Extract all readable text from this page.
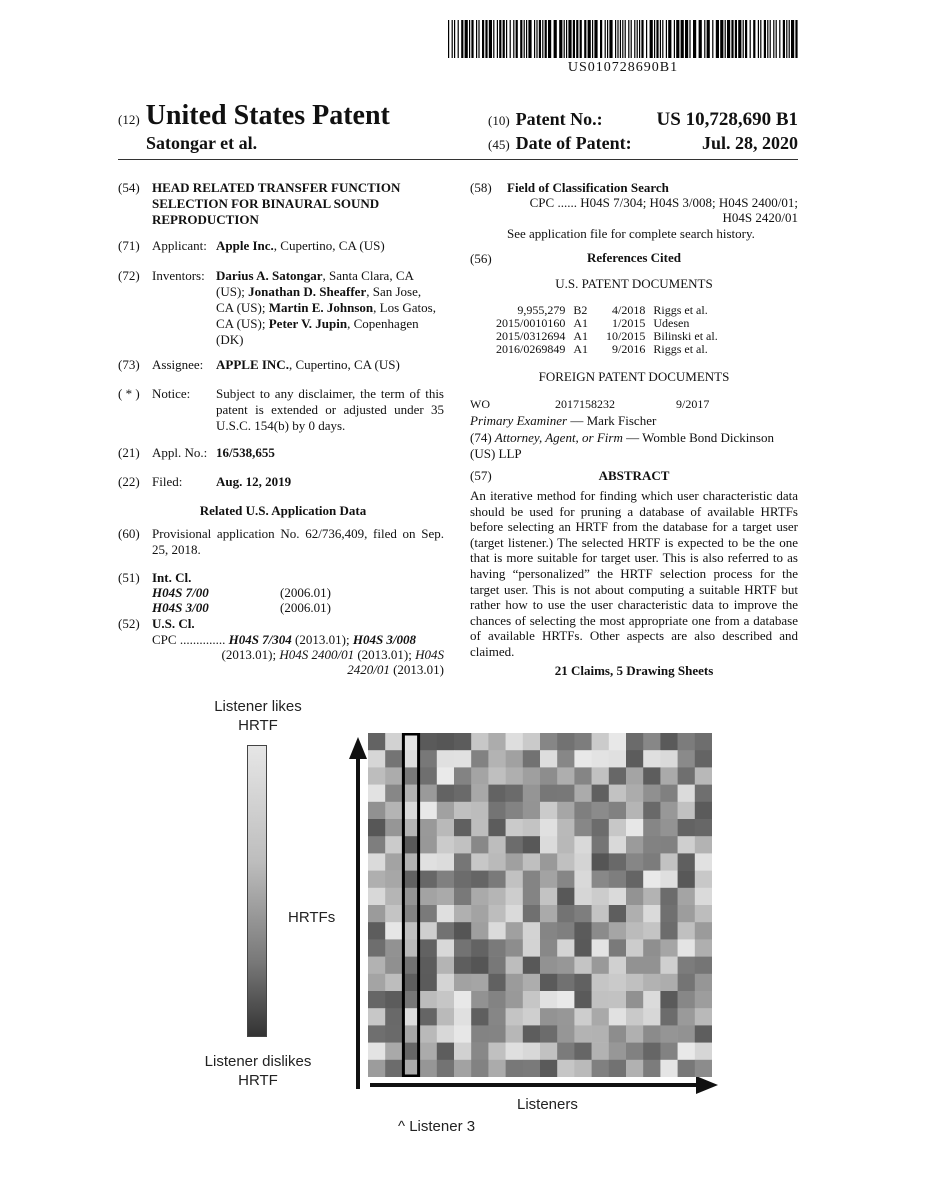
US010728690B1
(12) United States Patent
Satongar et al.
(10) Patent No.:	US 10,728,690 B1
(45) Date of Patent:	Jul. 28, 2020
(54) HEAD RELATED TRANSFER FUNCTION SELECTION FOR BINAURAL SOUND REPRODUCTION
(71) Applicant: Apple Inc., Cupertino, CA (US)
(72) Inventors: Darius A. Satongar, Santa Clara, CA (US); Jonathan D. Sheaffer, San Jose, CA (US); Martin E. Johnson, Los Gatos, CA (US); Peter V. Jupin, Copenhagen (DK)
(73) Assignee: APPLE INC., Cupertino, CA (US)
( * ) Notice: Subject to any disclaimer, the term of this patent is extended or adjusted under 35 U.S.C. 154(b) by 0 days.
(21) Appl. No.: 16/538,655
(22) Filed:	Aug. 12, 2019
Related U.S. Application Data
(60) Provisional application No. 62/736,409, filed on Sep. 25, 2018.
(51) Int. Cl.
H04S 7/00	(2006.01)
H04S 3/00	(2006.01)
(52) U.S. Cl.
CPC .............. H04S 7/304 (2013.01); H04S 3/008
(2013.01); H04S 2400/01 (2013.01); H04S
2420/01 (2013.01)
(58) Field of Classification Search
CPC ...... H04S 7/304; H04S 3/008; H04S 2400/01;
H04S 2420/01
See application file for complete search history.
(56)	References Cited
U.S. PATENT DOCUMENTS
9,955,279	B2	4/2018	Riggs et al.
2015/0010160	A1	1/2015	Udesen
2015/0312694	A1	10/2015	Bilinski et al.
2016/0269849	A1	9/2016	Riggs et al.
FOREIGN PATENT DOCUMENTS
WO	2017158232	9/2017
Primary Examiner — Mark Fischer
(74) Attorney, Agent, or Firm — Womble Bond Dickinson (US) LLP
(57)	ABSTRACT
An iterative method for finding which user characteristic data should be used for pruning a database of available HRTFs before selecting an HRTF from the database for a target user (target listener.) The selected HRTF is expected to be the one that is more suitable for target user. This is also referred to as having “personalized” the HRTF selection process for the target user. This is not about computing a suitable HRTF but rather how to use the user characteristic data to improve the chances of selecting the most appropriate one from a database of available HRTFs. Other aspects are also described and claimed.
21 Claims, 5 Drawing Sheets
Listener likes
HRTF
Listener dislikes
HRTF
HRTFs
Listeners
^ Listener 3
